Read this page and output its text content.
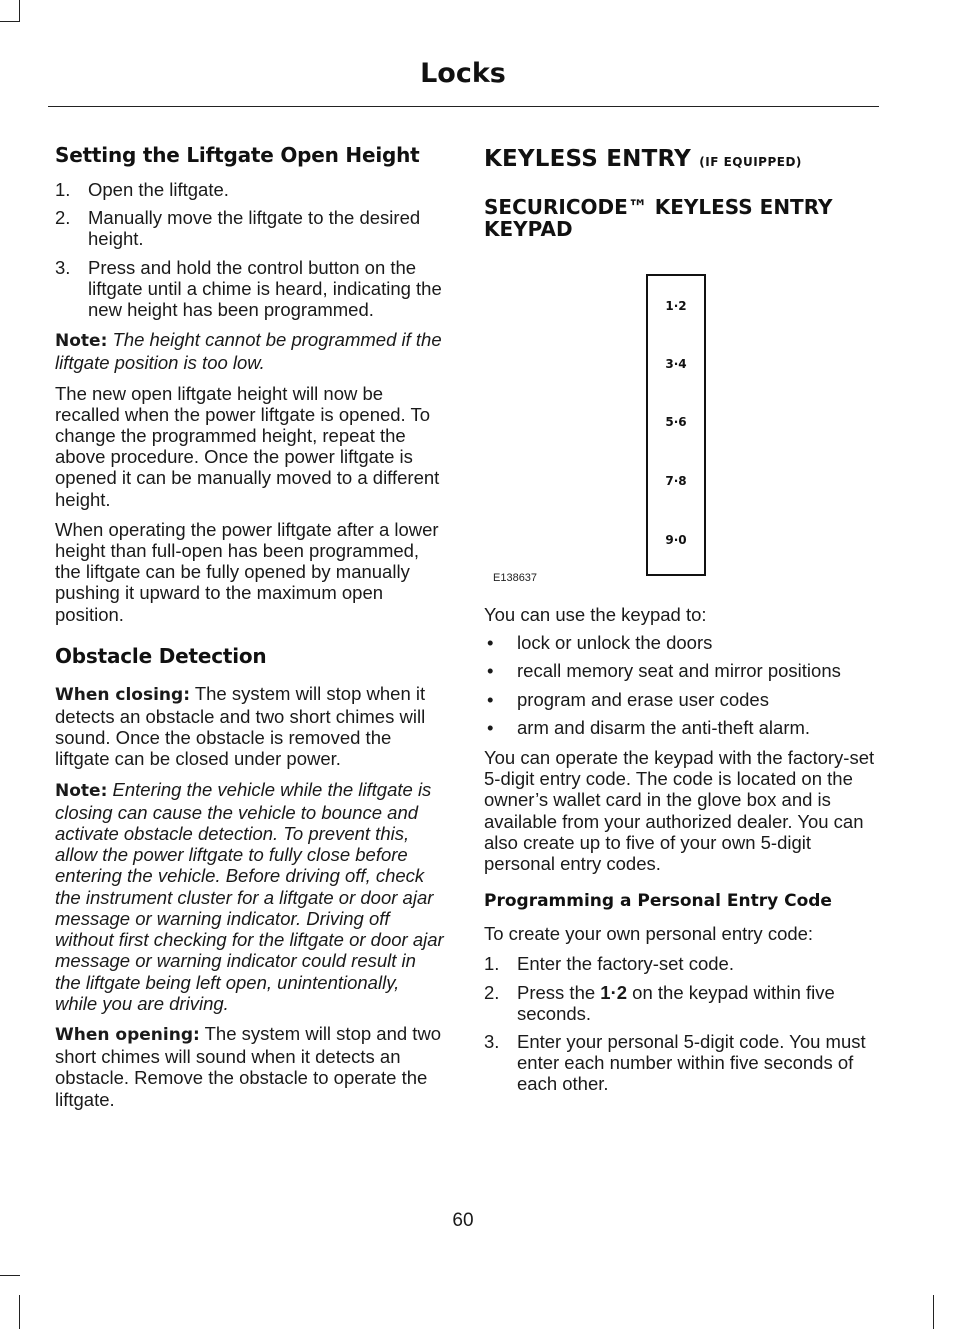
Locks
Setting the Liftgate Open Height
1. Open the liftgate.
2. Manually move the liftgate to the desired height.
3. Press and hold the control button on the liftgate until a chime is heard, indicating the new height has been programmed.

Note: The height cannot be programmed if the liftgate position is too low.

The new open liftgate height will now be recalled when the power liftgate is opened. To change the programmed height, repeat the above procedure. Once the power liftgate is opened it can be manually moved to a different height.

When operating the power liftgate after a lower height than full-open has been programmed, the liftgate can be fully opened by manually pushing it upward to the maximum open position.

Obstacle Detection

When closing: The system will stop when it detects an obstacle and two short chimes will sound. Once the obstacle is removed the liftgate can be closed under power.

Note: Entering the vehicle while the liftgate is closing can cause the vehicle to bounce and activate obstacle detection. To prevent this, allow the power liftgate to fully close before entering the vehicle. Before driving off, check the instrument cluster for a liftgate or door ajar message or warning indicator. Driving off without first checking for the liftgate or door ajar message or warning indicator could result in the liftgate being left open, unintentionally, while you are driving.

When opening: The system will stop and two short chimes will sound when it detects an obstacle. Remove the obstacle to operate the liftgate.

KEYLESS ENTRY (IF EQUIPPED)
SECURICODE™ KEYLESS ENTRY KEYPAD
1·2
3·4
5·6
7·8
9·0
E138637

You can use the keypad to:

• lock or unlock the doors
• recall memory seat and mirror positions
• program and erase user codes
• arm and disarm the anti-theft alarm.

You can operate the keypad with the factory-set 5-digit entry code. The code is located on the owner’s wallet card in the glove box and is available from your authorized dealer. You can also create up to five of your own 5-digit personal entry codes.

Programming a Personal Entry Code

To create your own personal entry code:

1. Enter the factory-set code.
2. Press the 1·2 on the keypad within five seconds.
3. Enter your personal 5-digit code. You must enter each number within five seconds of each other.
60
